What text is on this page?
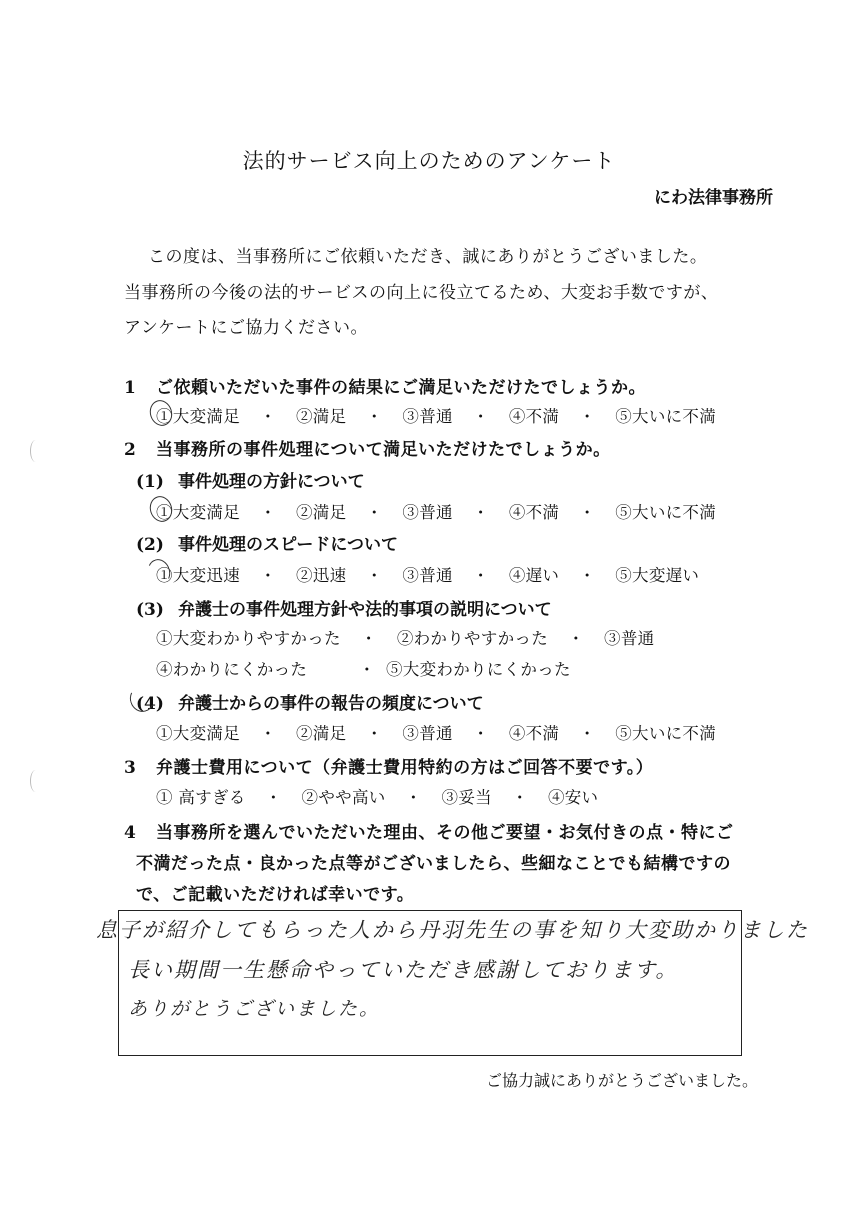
法的サービス向上のためのアンケート
にわ法律事務所
この度は、当事務所にご依頼いただき、誠にありがとうございました。
当事務所の今後の法的サービスの向上に役立てるため、大変お手数ですが、
アンケートにご協力ください。
1 ご依頼いただいた事件の結果にご満足いただけたでしょうか。
①大変満足 ・ ②満足 ・ ③普通 ・ ④不満 ・ ⑤大いに不満
2 当事務所の事件処理について満足いただけたでしょうか。
(1) 事件処理の方針について
①大変満足 ・ ②満足 ・ ③普通 ・ ④不満 ・ ⑤大いに不満
(2) 事件処理のスピードについて
①大変迅速 ・ ②迅速 ・ ③普通 ・ ④遅い ・ ⑤大変遅い
(3) 弁護士の事件処理方針や法的事項の説明について
①大変わかりやすかった ・ ②わかりやすかった ・ ③普通
④わかりにくかった	・ ⑤大変わかりにくかった
(4) 弁護士からの事件の報告の頻度について
①大変満足 ・ ②満足 ・ ③普通 ・ ④不満 ・ ⑤大いに不満
3 弁護士費用について（弁護士費用特約の方はご回答不要です。）
① 高すぎる ・ ②やや高い ・ ③妥当 ・ ④安い
4 当事務所を選んでいただいた理由、その他ご要望・お気付きの点・特にご
不満だった点・良かった点等がございましたら、些細なことでも結構ですの
で、ご記載いただければ幸いです。
息子が紹介してもらった人から丹羽先生の事を知り大変助かりました
長い期間一生懸命やっていただき感謝しております。
ありがとうございました。
ご協力誠にありがとうございました。
